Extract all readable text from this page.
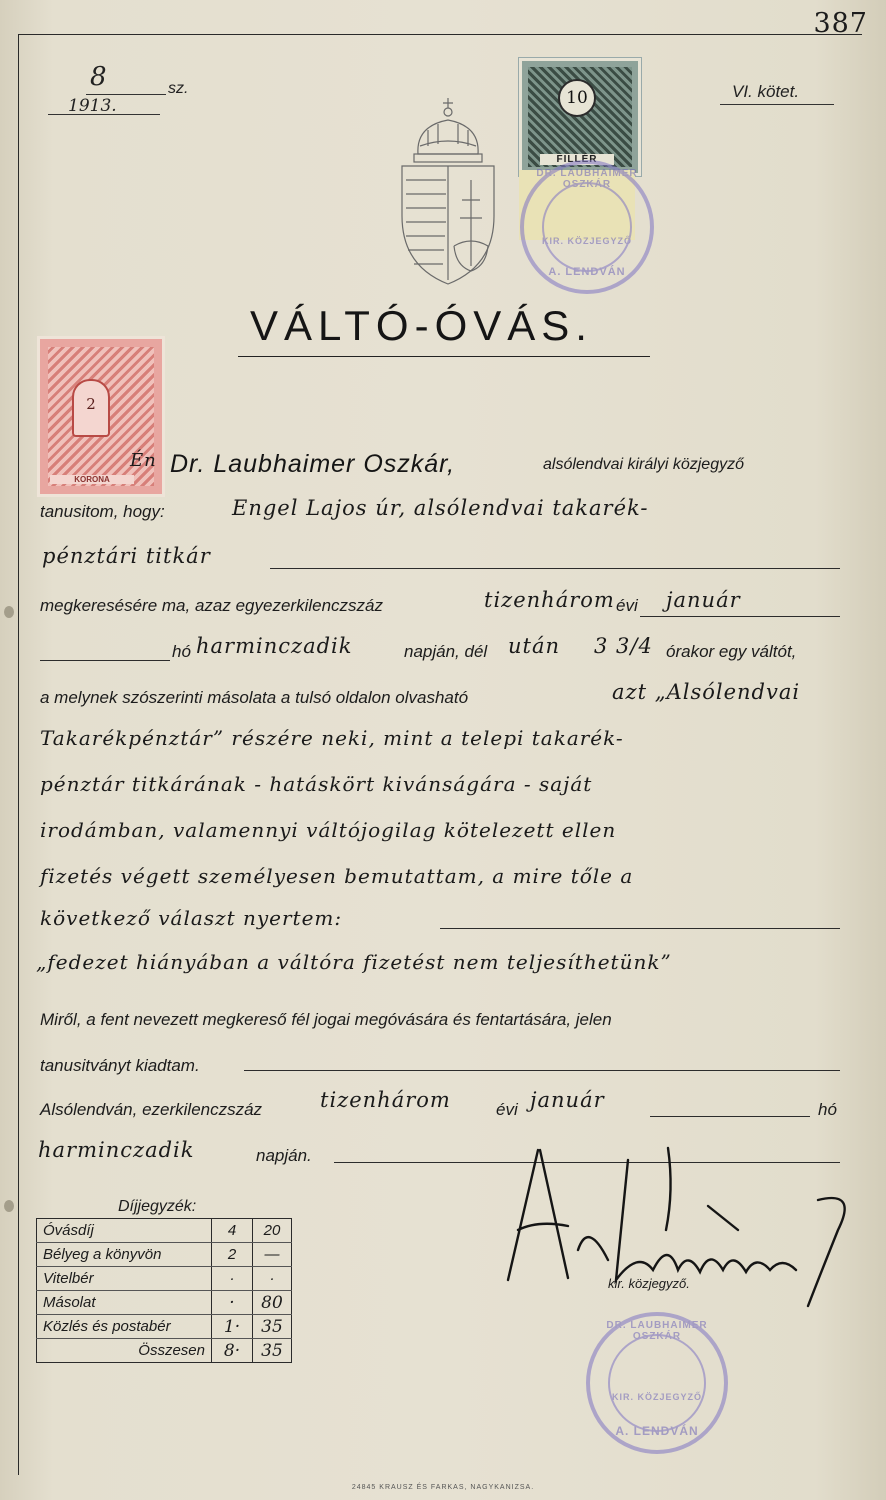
387
8	sz.
1913.
VI. kötet.
10
FILLÉR
DR. LAUBHAIMER OSZKÁR
KIR. KÖZJEGYZŐ
A. LENDVÁN
VÁLTÓ-ÓVÁS.
2
KORONA
Én Dr. Laubhaimer Oszkár,	alsólendvai királyi közjegyző
tanusitom, hogy:	Engel Lajos úr, alsólendvai takarék-
pénztári titkár
megkeresésére ma, azaz egyezerkilenczszáz	tizenhárom évi január
hó harminczadik	napján, dél után 3 3/4 órakor egy váltót,
a melynek szószerinti másolata a tulsó oldalon olvasható	azt „Alsólendvai
Takarékpénztár” részére neki, mint a telepi takarék-
pénztár titkárának - hatáskört kivánságára - saját
irodámban, valamennyi váltójogilag kötelezett ellen
fizetés végett személyesen bemutattam, a mire tőle a
következő választ nyertem:
„fedezet hiányában a váltóra fizetést nem teljesíthetünk”
Miről, a fent nevezett megkereső fél jogai megóvására és fentartására, jelen
tanusitványt kiadtam.
Alsólendván, ezerkilenczszáz	tizenhárom	évi január	hó
harminczadik	napján.
kir. közjegyző.
Díjjegyzék:
Óvásdíj	4	20
Bélyeg a könyvön	2	—
Vitelbér	·	·
Másolat	·	80
Közlés és postabér	1·	35
Összesen	8·	35
DR. LAUBHAIMER OSZKÁR
KIR. KÖZJEGYZŐ
A. LENDVÁN
24845 KRAUSZ ÉS FARKAS, NAGYKANIZSA.
